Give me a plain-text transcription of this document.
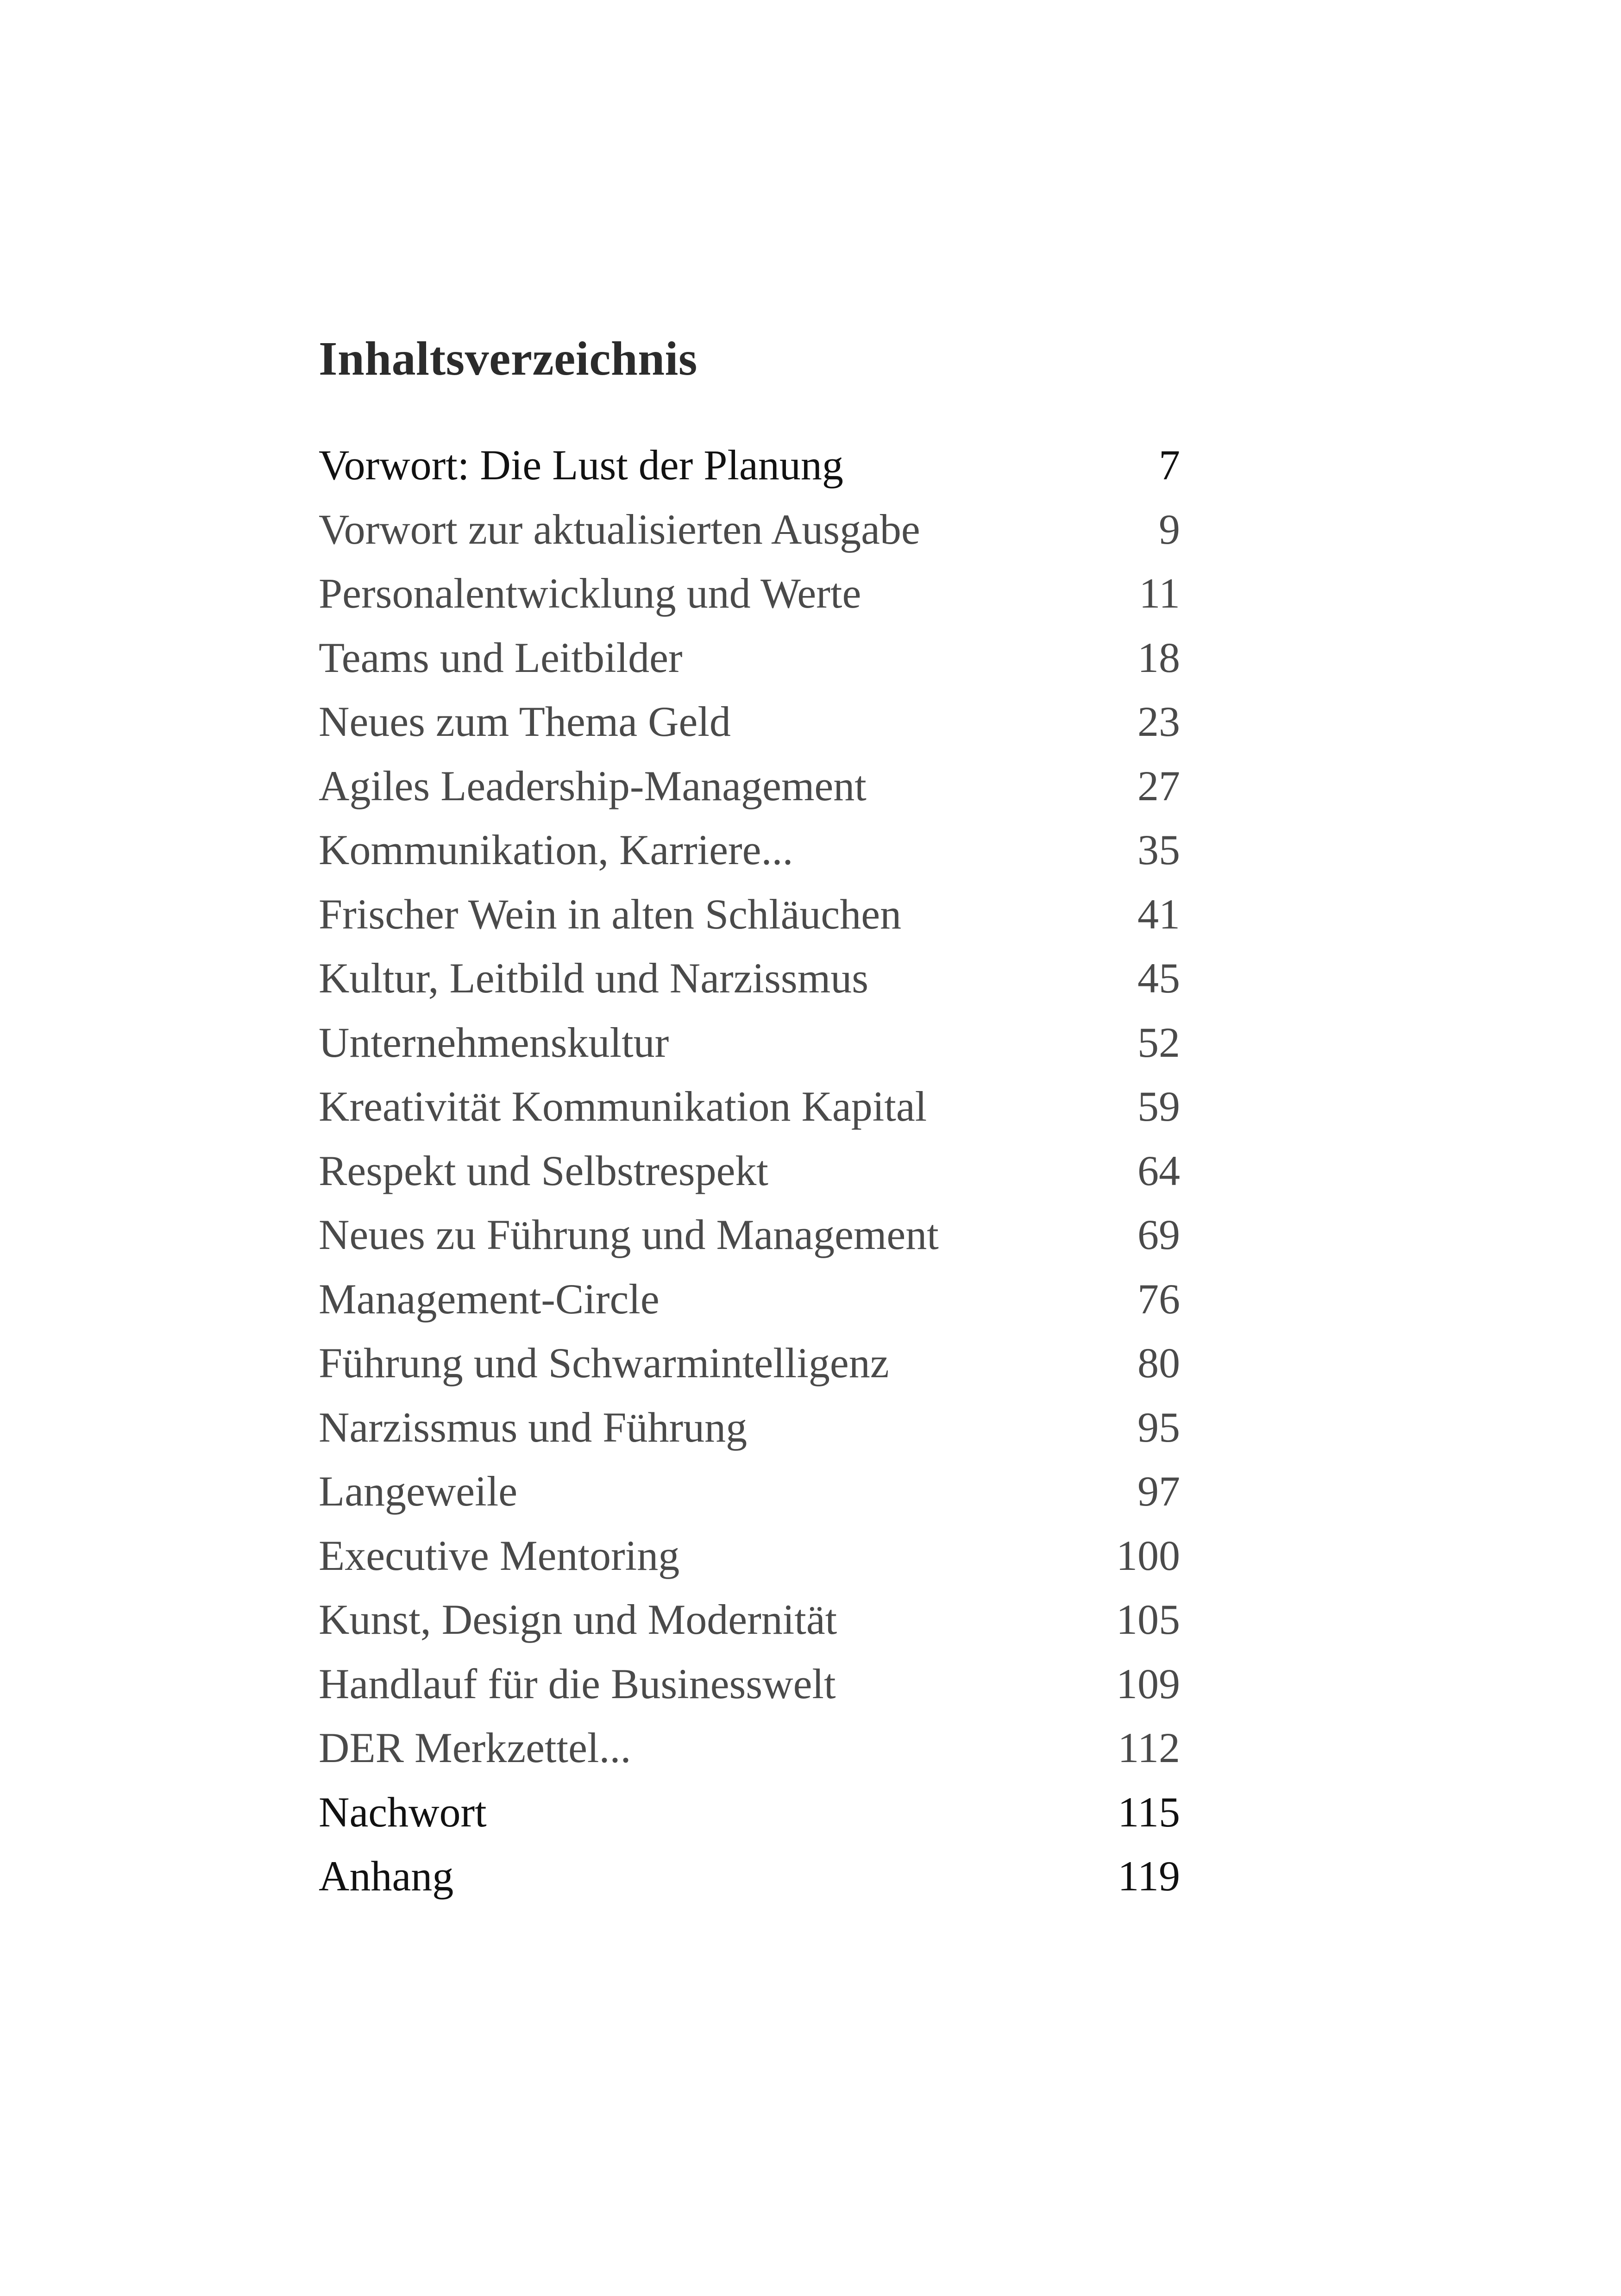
Inhaltsverzeichnis
Vorwort: Die Lust der Planung	7
Vorwort zur aktualisierten Ausgabe	9
Personalentwicklung und Werte	11
Teams und Leitbilder	18
Neues zum Thema Geld	23
Agiles Leadership-Management	27
Kommunikation, Karriere...	35
Frischer Wein in alten Schläuchen	41
Kultur, Leitbild und Narzissmus	45
Unternehmenskultur	52
Kreativität Kommunikation Kapital	59
Respekt und Selbstrespekt	64
Neues zu Führung und Management	69
Management-Circle	76
Führung und Schwarmintelligenz	80
Narzissmus und Führung	95
Langeweile	97
Executive Mentoring	100
Kunst, Design und Modernität	105
Handlauf für die Businesswelt	109
DER Merkzettel...	112
Nachwort	115
Anhang	119
